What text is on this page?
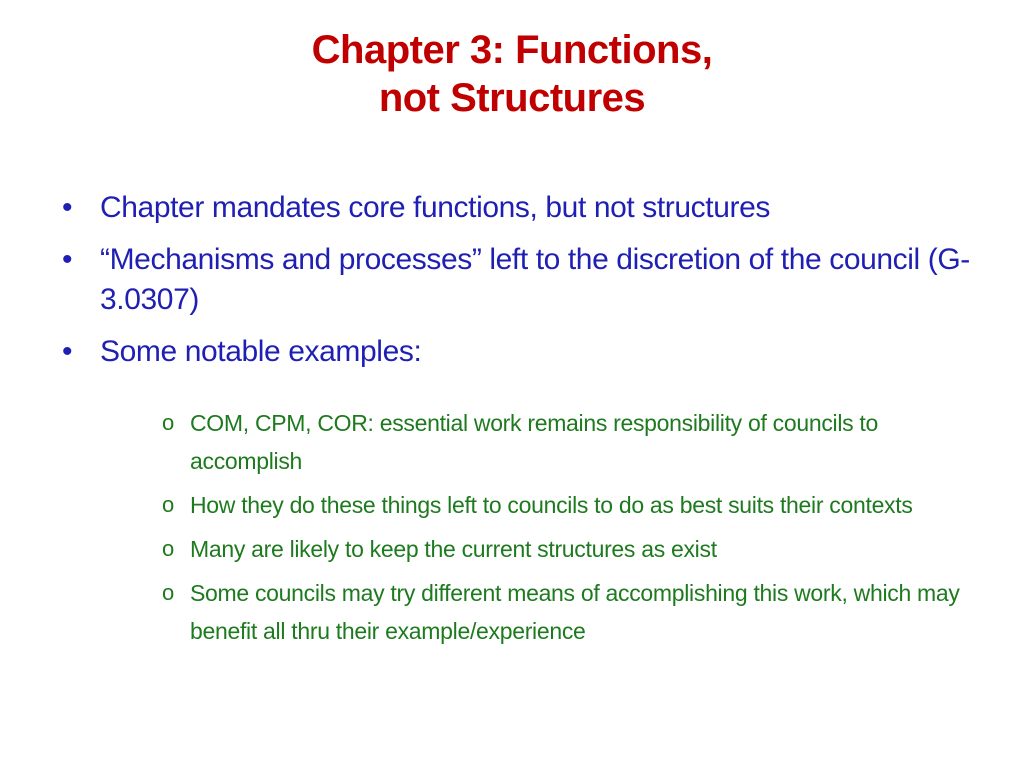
Chapter 3: Functions,
not Structures
• Chapter mandates core functions, but not structures
• “Mechanisms and processes” left to the discretion of the council (G-3.0307)
• Some notable examples:
o COM, CPM, COR: essential work remains responsibility of councils to accomplish
o How they do these things left to councils to do as best suits their contexts
o Many are likely to keep the current structures as exist
o Some councils may try different means of accomplishing this work, which may benefit all thru their example/experience
